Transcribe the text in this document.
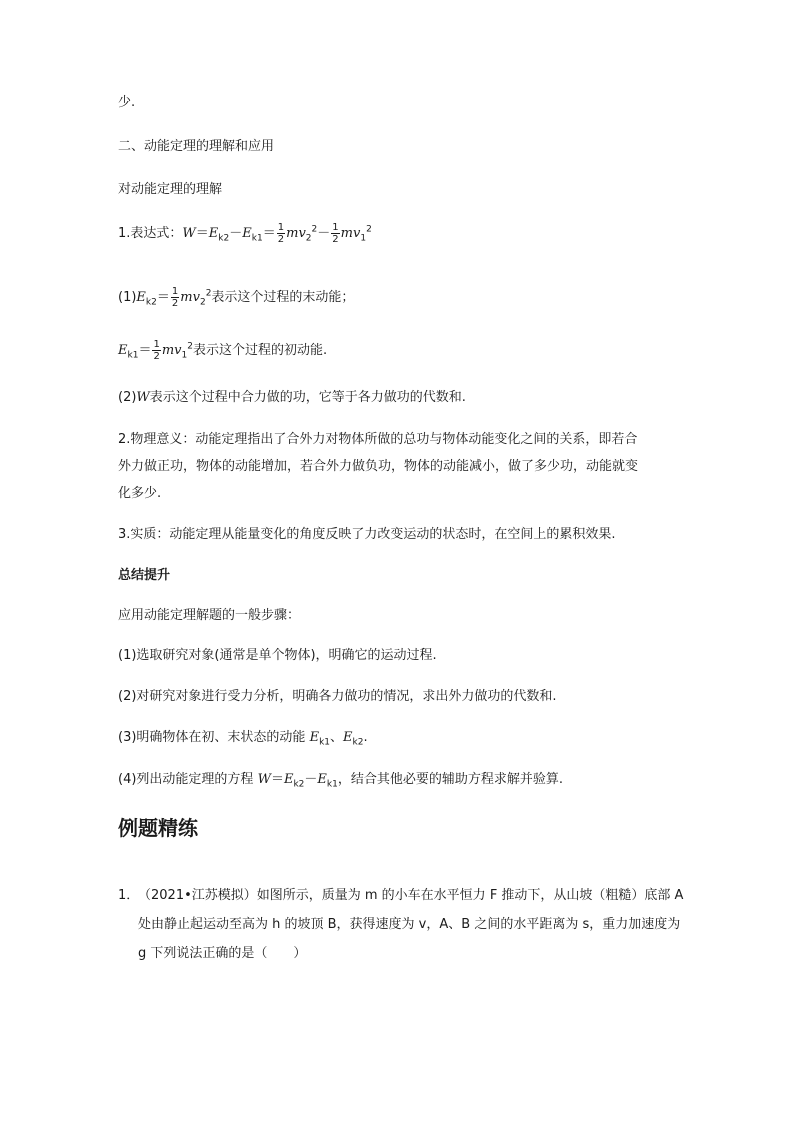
少.
二、动能定理的理解和应用
对动能定理的理解
1.表达式：$W=E_{k2}-E_{k1}= \frac{1}{2} mv_2^2- \frac{1}{2} mv_1^2$
$(1)E_{k2}= \frac{1}{2} mv_2^2$表示这个过程的末动能；
$E_{k1}= \frac{1}{2} mv_1^2$表示这个过程的初动能.
(2)W表示这个过程中合力做的功，它等于各力做功的代数和.
2.物理意义：动能定理指出了合外力对物体所做的总功与物体动能变化之间的关系，即若合
外力做正功，物体的动能增加，若合外力做负功，物体的动能减小，做了多少功，动能就变
化多少.
3.实质：动能定理从能量变化的角度反映了力改变运动的状态时，在空间上的累积效果.
总结提升
应用动能定理解题的一般步骤：
(1)选取研究对象(通常是单个物体)，明确它的运动过程.
(2)对研究对象进行受力分析，明确各力做功的情况，求出外力做功的代数和.
(3)明确物体在初、末状态的动能 $E_{k1}$、$E_{k2}$.
(4)列出动能定理的方程 $W=E_{k2}-E_{k1}$，结合其他必要的辅助方程求解并验算.
例题精练
1．
（2021•江苏模拟）如图所示，质量为 m 的小车在水平恒力 F 推动下，从山坡（粗糙）底部 A 处由静止起运动至高为 h 的坡顶 B，获得速度为 v，A、B 之间的水平距离为 s，重力加速度为 g 下列说法正确的是（　　）
